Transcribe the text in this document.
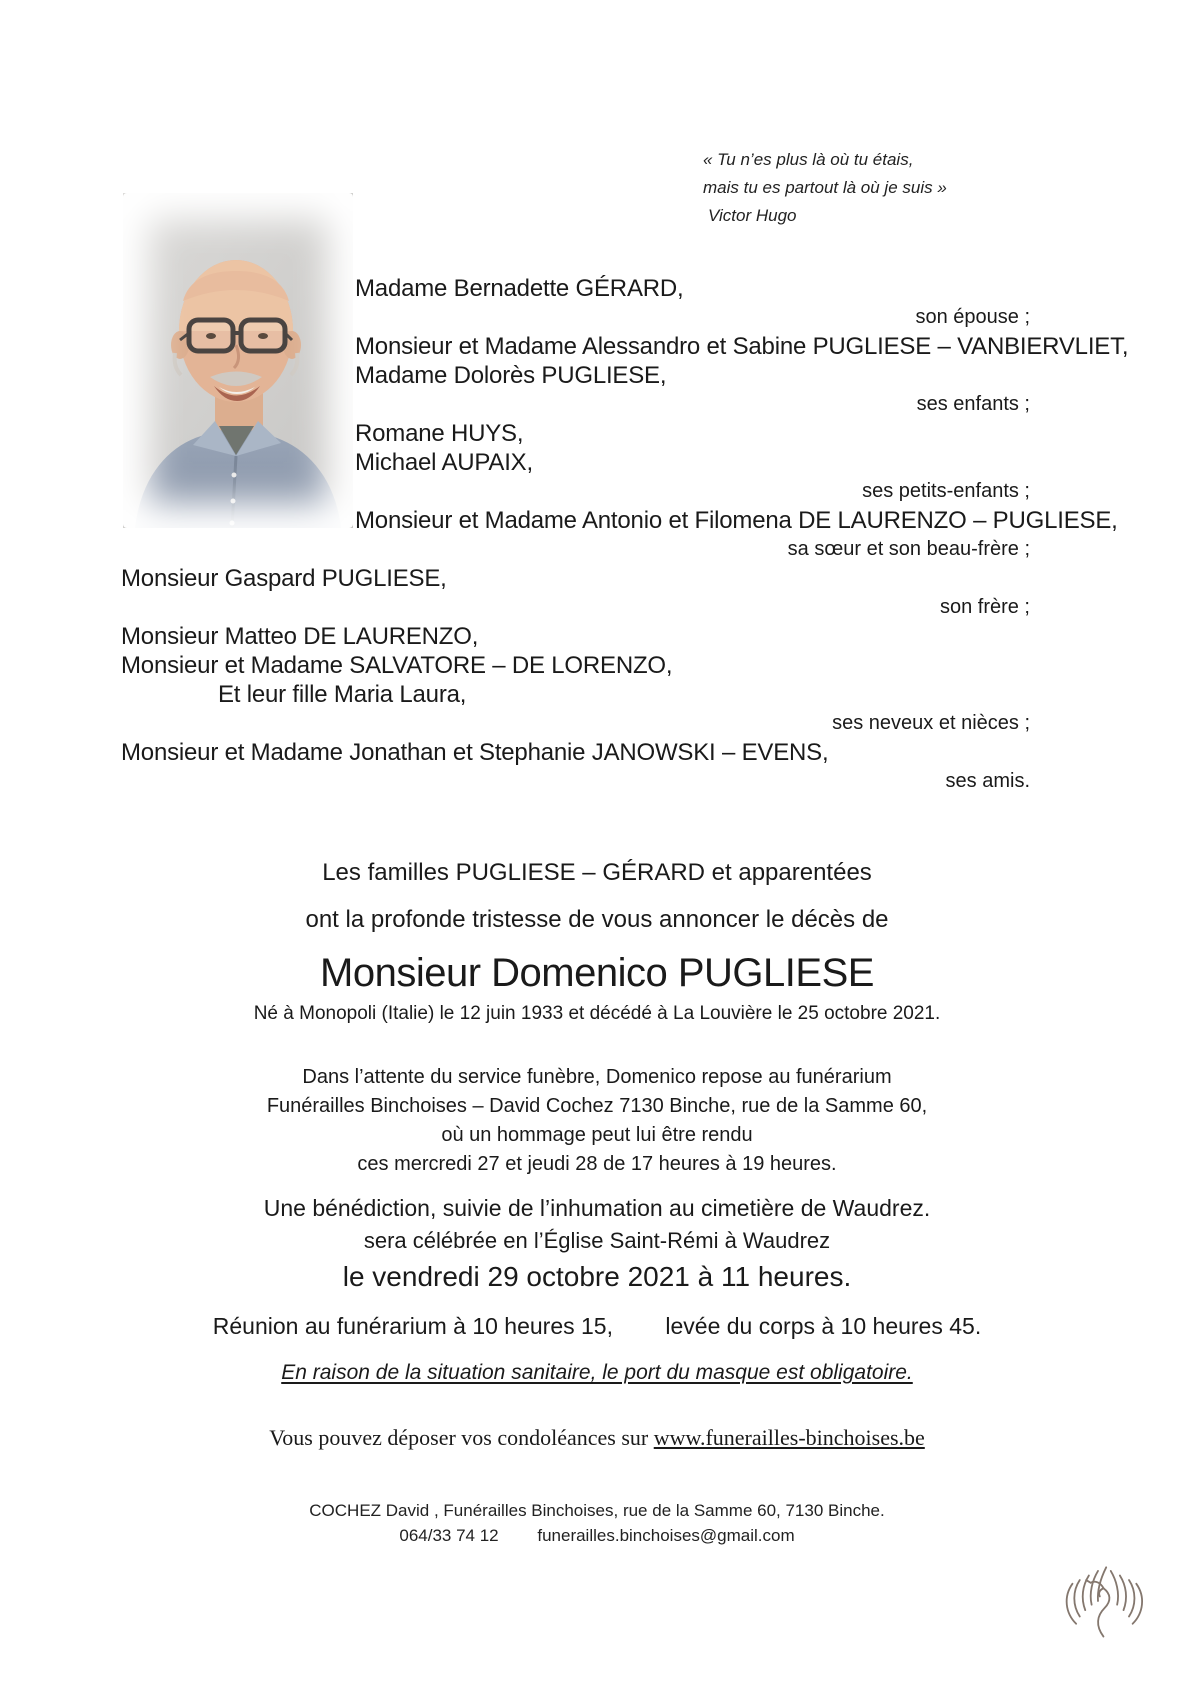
« Tu n’es plus là où tu étais,
mais tu es partout là où je suis »
Victor Hugo
Madame Bernadette GÉRARD,
son épouse ;
Monsieur et Madame Alessandro et Sabine PUGLIESE – VANBIERVLIET,
Madame Dolorès PUGLIESE,
ses enfants ;
Romane HUYS,
Michael AUPAIX,
ses petits-enfants ;
Monsieur et Madame Antonio et Filomena DE LAURENZO – PUGLIESE,
sa sœur et son beau-frère ;
Monsieur Gaspard PUGLIESE,
son frère ;
Monsieur Matteo DE LAURENZO,
Monsieur et Madame SALVATORE – DE LORENZO,
Et leur fille Maria Laura,
ses neveux et nièces ;
Monsieur et Madame Jonathan et Stephanie JANOWSKI – EVENS,
ses amis.
Les familles PUGLIESE – GÉRARD et apparentées
ont la profonde tristesse de vous annoncer le décès de
Monsieur Domenico PUGLIESE
Né à Monopoli (Italie) le 12 juin 1933 et décédé à La Louvière le 25 octobre 2021.
Dans l’attente du service funèbre, Domenico repose au funérarium
Funérailles Binchoises – David Cochez 7130 Binche, rue de la Samme 60,
où un hommage peut lui être rendu
ces mercredi 27 et jeudi 28 de 17 heures à 19 heures.
Une bénédiction, suivie de l’inhumation au cimetière de Waudrez.
sera célébrée en l’Église Saint-Rémi à Waudrez
le vendredi 29 octobre 2021 à 11 heures.
Réunion au funérarium à 10 heures 15, levée du corps à 10 heures 45.
En raison de la situation sanitaire, le port du masque est obligatoire.
Vous pouvez déposer vos condoléances sur www.funerailles-binchoises.be
COCHEZ David , Funérailles Binchoises, rue de la Samme 60, 7130 Binche.
064/33 74 12 funerailles.binchoises@gmail.com
